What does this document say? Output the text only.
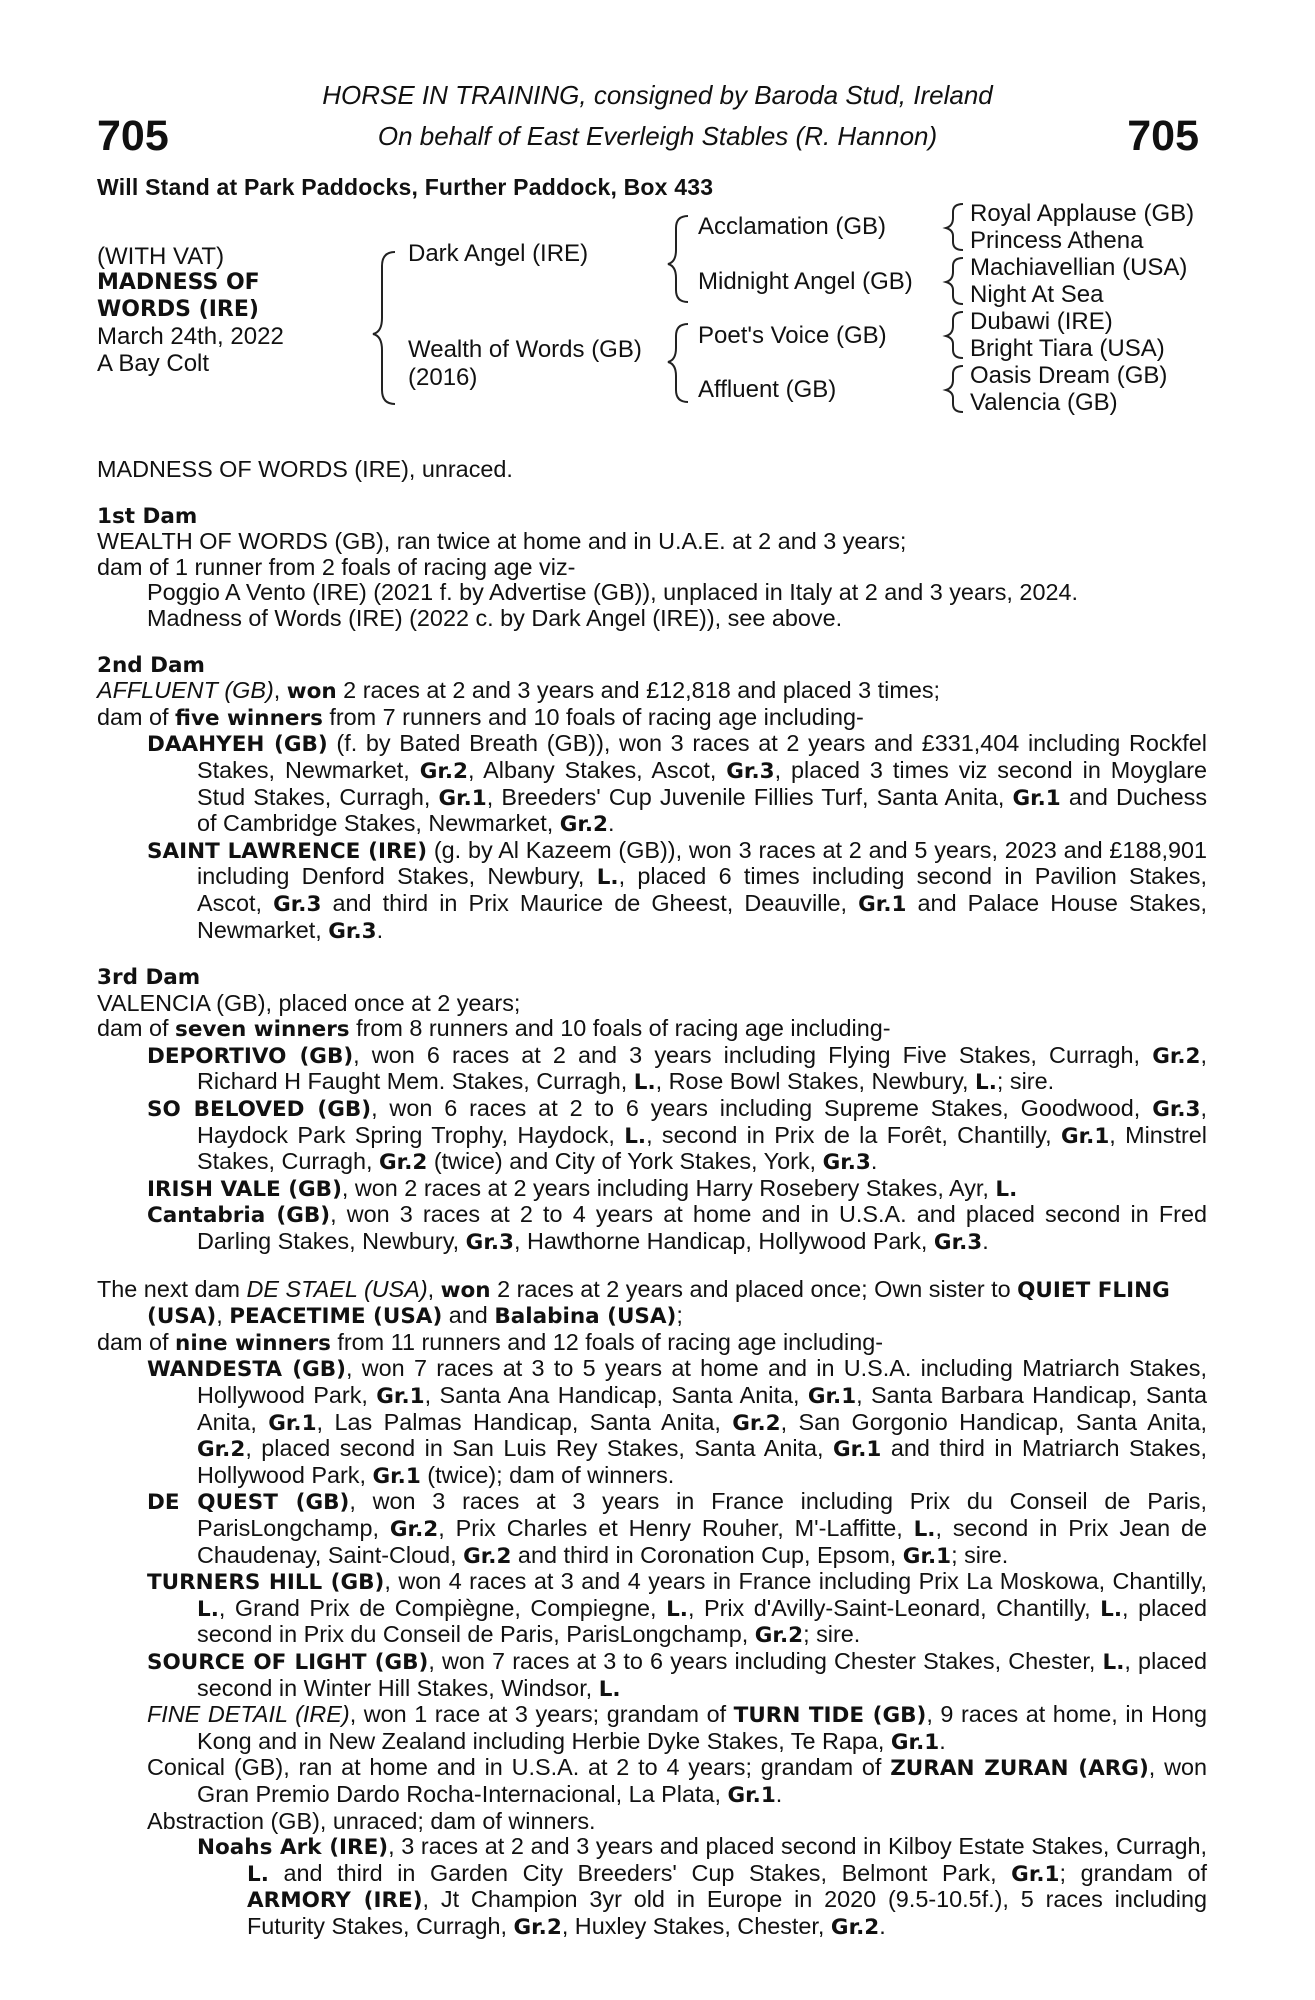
705	705
HORSE IN TRAINING, consigned by Baroda Stud, Ireland
On behalf of East Everleigh Stables (R. Hannon)
Will Stand at Park Paddocks, Further Paddock, Box 433
(WITH VAT)
MADNESS OF
WORDS (IRE)
March 24th, 2022
A Bay Colt
Dark Angel (IRE)
Wealth of Words (GB)
(2016)
Acclamation (GB)
Midnight Angel (GB)
Poet's Voice (GB)
Affluent (GB)
Royal Applause (GB)
Princess Athena
Machiavellian (USA)
Night At Sea
Dubawi (IRE)
Bright Tiara (USA)
Oasis Dream (GB)
Valencia (GB)

MADNESS OF WORDS (IRE), unraced.

1st Dam

WEALTH OF WORDS (GB), ran twice at home and in U.A.E. at 2 and 3 years;

dam of 1 runner from 2 foals of racing age viz-

Poggio A Vento (IRE) (2021 f. by Advertise (GB)), unplaced in Italy at 2 and 3 years, 2024.

Madness of Words (IRE) (2022 c. by Dark Angel (IRE)), see above.

2nd Dam

AFFLUENT (GB), won 2 races at 2 and 3 years and £12,818 and placed 3 times;

dam of five winners from 7 runners and 10 foals of racing age including-

DAAHYEH (GB) (f. by Bated Breath (GB)), won 3 races at 2 years and £331,404 including Rockfel Stakes, Newmarket, Gr.2, Albany Stakes, Ascot, Gr.3, placed 3 times viz second in Moyglare Stud Stakes, Curragh, Gr.1, Breeders' Cup Juvenile Fillies Turf, Santa Anita, Gr.1 and Duchess of Cambridge Stakes, Newmarket, Gr.2.

SAINT LAWRENCE (IRE) (g. by Al Kazeem (GB)), won 3 races at 2 and 5 years, 2023 and £188,901 including Denford Stakes, Newbury, L., placed 6 times including second in Pavilion Stakes, Ascot, Gr.3 and third in Prix Maurice de Gheest, Deauville, Gr.1 and Palace House Stakes, Newmarket, Gr.3.

3rd Dam

VALENCIA (GB), placed once at 2 years;

dam of seven winners from 8 runners and 10 foals of racing age including-

DEPORTIVO (GB), won 6 races at 2 and 3 years including Flying Five Stakes, Curragh, Gr.2, Richard H Faught Mem. Stakes, Curragh, L., Rose Bowl Stakes, Newbury, L.; sire.

SO BELOVED (GB), won 6 races at 2 to 6 years including Supreme Stakes, Goodwood, Gr.3, Haydock Park Spring Trophy, Haydock, L., second in Prix de la Forêt, Chantilly, Gr.1, Minstrel Stakes, Curragh, Gr.2 (twice) and City of York Stakes, York, Gr.3.

IRISH VALE (GB), won 2 races at 2 years including Harry Rosebery Stakes, Ayr, L.

Cantabria (GB), won 3 races at 2 to 4 years at home and in U.S.A. and placed second in Fred Darling Stakes, Newbury, Gr.3, Hawthorne Handicap, Hollywood Park, Gr.3.

The next dam DE STAEL (USA), won 2 races at 2 years and placed once; Own sister to QUIET FLING (USA), PEACETIME (USA) and Balabina (USA);

dam of nine winners from 11 runners and 12 foals of racing age including-

WANDESTA (GB), won 7 races at 3 to 5 years at home and in U.S.A. including Matriarch Stakes, Hollywood Park, Gr.1, Santa Ana Handicap, Santa Anita, Gr.1, Santa Barbara Handicap, Santa Anita, Gr.1, Las Palmas Handicap, Santa Anita, Gr.2, San Gorgonio Handicap, Santa Anita, Gr.2, placed second in San Luis Rey Stakes, Santa Anita, Gr.1 and third in Matriarch Stakes, Hollywood Park, Gr.1 (twice); dam of winners.

DE QUEST (GB), won 3 races at 3 years in France including Prix du Conseil de Paris, ParisLongchamp, Gr.2, Prix Charles et Henry Rouher, M'-Laffitte, L., second in Prix Jean de Chaudenay, Saint-Cloud, Gr.2 and third in Coronation Cup, Epsom, Gr.1; sire.

TURNERS HILL (GB), won 4 races at 3 and 4 years in France including Prix La Moskowa, Chantilly, L., Grand Prix de Compiègne, Compiegne, L., Prix d'Avilly-Saint-Leonard, Chantilly, L., placed second in Prix du Conseil de Paris, ParisLongchamp, Gr.2; sire.

SOURCE OF LIGHT (GB), won 7 races at 3 to 6 years including Chester Stakes, Chester, L., placed second in Winter Hill Stakes, Windsor, L.

FINE DETAIL (IRE), won 1 race at 3 years; grandam of TURN TIDE (GB), 9 races at home, in Hong Kong and in New Zealand including Herbie Dyke Stakes, Te Rapa, Gr.1.

Conical (GB), ran at home and in U.S.A. at 2 to 4 years; grandam of ZURAN ZURAN (ARG), won Gran Premio Dardo Rocha-Internacional, La Plata, Gr.1.

Abstraction (GB), unraced; dam of winners.

Noahs Ark (IRE), 3 races at 2 and 3 years and placed second in Kilboy Estate Stakes, Curragh, L. and third in Garden City Breeders' Cup Stakes, Belmont Park, Gr.1; grandam of ARMORY (IRE), Jt Champion 3yr old in Europe in 2020 (9.5-10.5f.), 5 races including Futurity Stakes, Curragh, Gr.2, Huxley Stakes, Chester, Gr.2.
